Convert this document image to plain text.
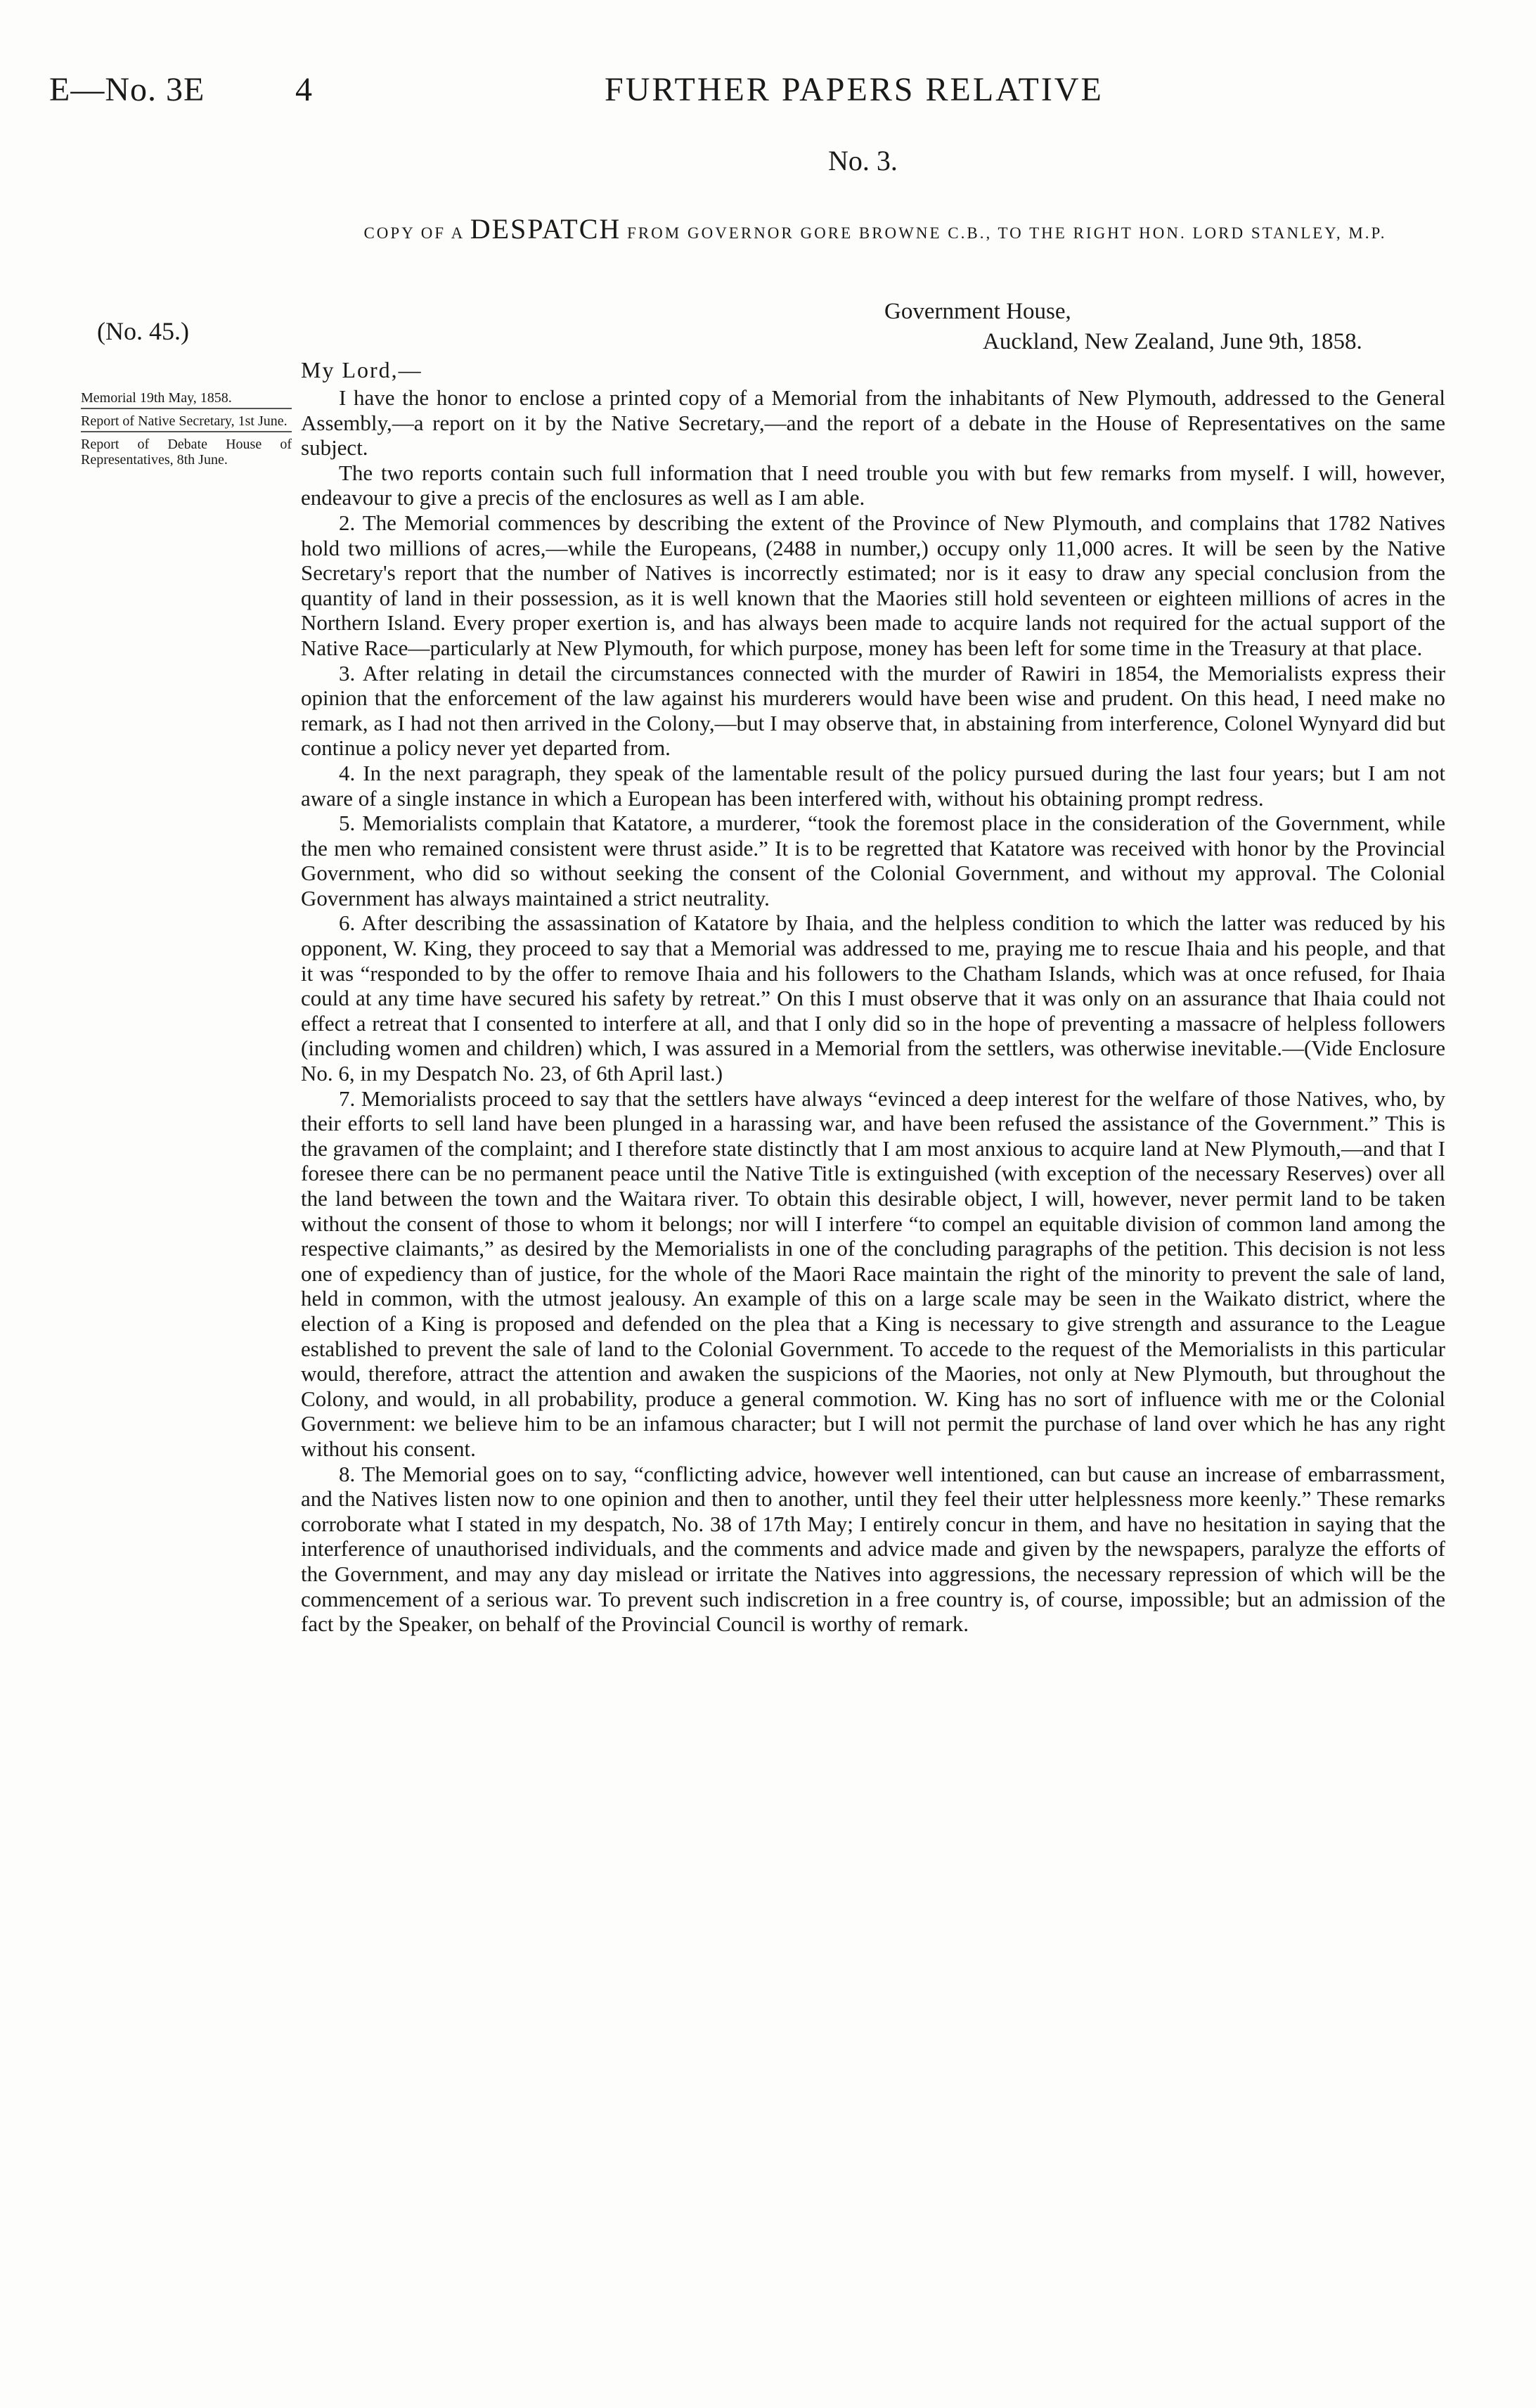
E—No. 3E	4	FURTHER PAPERS RELATIVE
No. 3.
COPY OF A DESPATCH FROM GOVERNOR GORE BROWNE C.B., TO THE RIGHT HON. LORD STANLEY, M.P.
Government House,
Auckland, New Zealand, June 9th, 1858.
(No. 45.)
My Lord,—
Memorial 19th May, 1858.
Report of Native Secretary, 1st June.
Report of Debate House of Representatives, 8th June.

I have the honor to enclose a printed copy of a Memorial from the inhabitants of New Plymouth, addressed to the General Assembly,—a report on it by the Native Secretary,—and the report of a debate in the House of Representatives on the same subject.

The two reports contain such full information that I need trouble you with but few remarks from myself. I will, however, endeavour to give a precis of the enclosures as well as I am able.

2. The Memorial commences by describing the extent of the Province of New Plymouth, and complains that 1782 Natives hold two millions of acres,—while the Europeans, (2488 in number,) occupy only 11,000 acres. It will be seen by the Native Secretary's report that the number of Natives is incorrectly estimated; nor is it easy to draw any special conclusion from the quantity of land in their possession, as it is well known that the Maories still hold seventeen or eighteen millions of acres in the Northern Island. Every proper exertion is, and has always been made to acquire lands not required for the actual support of the Native Race—particularly at New Plymouth, for which purpose, money has been left for some time in the Treasury at that place.

3. After relating in detail the circumstances connected with the murder of Rawiri in 1854, the Memorialists express their opinion that the enforcement of the law against his murderers would have been wise and prudent. On this head, I need make no remark, as I had not then arrived in the Colony,—but I may observe that, in abstaining from interference, Colonel Wynyard did but continue a policy never yet departed from.

4. In the next paragraph, they speak of the lamentable result of the policy pursued during the last four years; but I am not aware of a single instance in which a European has been interfered with, without his obtaining prompt redress.

5. Memorialists complain that Katatore, a murderer, “took the foremost place in the consideration of the Government, while the men who remained consistent were thrust aside.” It is to be regretted that Katatore was received with honor by the Provincial Government, who did so without seeking the consent of the Colonial Government, and without my approval. The Colonial Government has always maintained a strict neutrality.

6. After describing the assassination of Katatore by Ihaia, and the helpless condition to which the latter was reduced by his opponent, W. King, they proceed to say that a Memorial was addressed to me, praying me to rescue Ihaia and his people, and that it was “responded to by the offer to remove Ihaia and his followers to the Chatham Islands, which was at once refused, for Ihaia could at any time have secured his safety by retreat.” On this I must observe that it was only on an assurance that Ihaia could not effect a retreat that I consented to interfere at all, and that I only did so in the hope of preventing a massacre of helpless followers (including women and children) which, I was assured in a Memorial from the settlers, was otherwise inevitable.—(Vide Enclosure No. 6, in my Despatch No. 23, of 6th April last.)

7. Memorialists proceed to say that the settlers have always “evinced a deep interest for the welfare of those Natives, who, by their efforts to sell land have been plunged in a harassing war, and have been refused the assistance of the Government.” This is the gravamen of the complaint; and I therefore state distinctly that I am most anxious to acquire land at New Plymouth,—and that I foresee there can be no permanent peace until the Native Title is extinguished (with exception of the necessary Reserves) over all the land between the town and the Waitara river. To obtain this desirable object, I will, however, never permit land to be taken without the consent of those to whom it belongs; nor will I interfere “to compel an equitable division of common land among the respective claimants,” as desired by the Memorialists in one of the concluding paragraphs of the petition. This decision is not less one of expediency than of justice, for the whole of the Maori Race maintain the right of the minority to prevent the sale of land, held in common, with the utmost jealousy. An example of this on a large scale may be seen in the Waikato district, where the election of a King is proposed and defended on the plea that a King is necessary to give strength and assurance to the League established to prevent the sale of land to the Colonial Government. To accede to the request of the Memorialists in this particular would, therefore, attract the attention and awaken the suspicions of the Maories, not only at New Plymouth, but throughout the Colony, and would, in all probability, produce a general commotion. W. King has no sort of influence with me or the Colonial Government: we believe him to be an infamous character; but I will not permit the purchase of land over which he has any right without his consent.

8. The Memorial goes on to say, “conflicting advice, however well intentioned, can but cause an increase of embarrassment, and the Natives listen now to one opinion and then to another, until they feel their utter helplessness more keenly.” These remarks corroborate what I stated in my despatch, No. 38 of 17th May; I entirely concur in them, and have no hesitation in saying that the interference of unauthorised individuals, and the comments and advice made and given by the newspapers, paralyze the efforts of the Government, and may any day mislead or irritate the Natives into aggressions, the necessary repression of which will be the commencement of a serious war. To prevent such indiscretion in a free country is, of course, impossible; but an admission of the fact by the Speaker, on behalf of the Provincial Council is worthy of remark.
